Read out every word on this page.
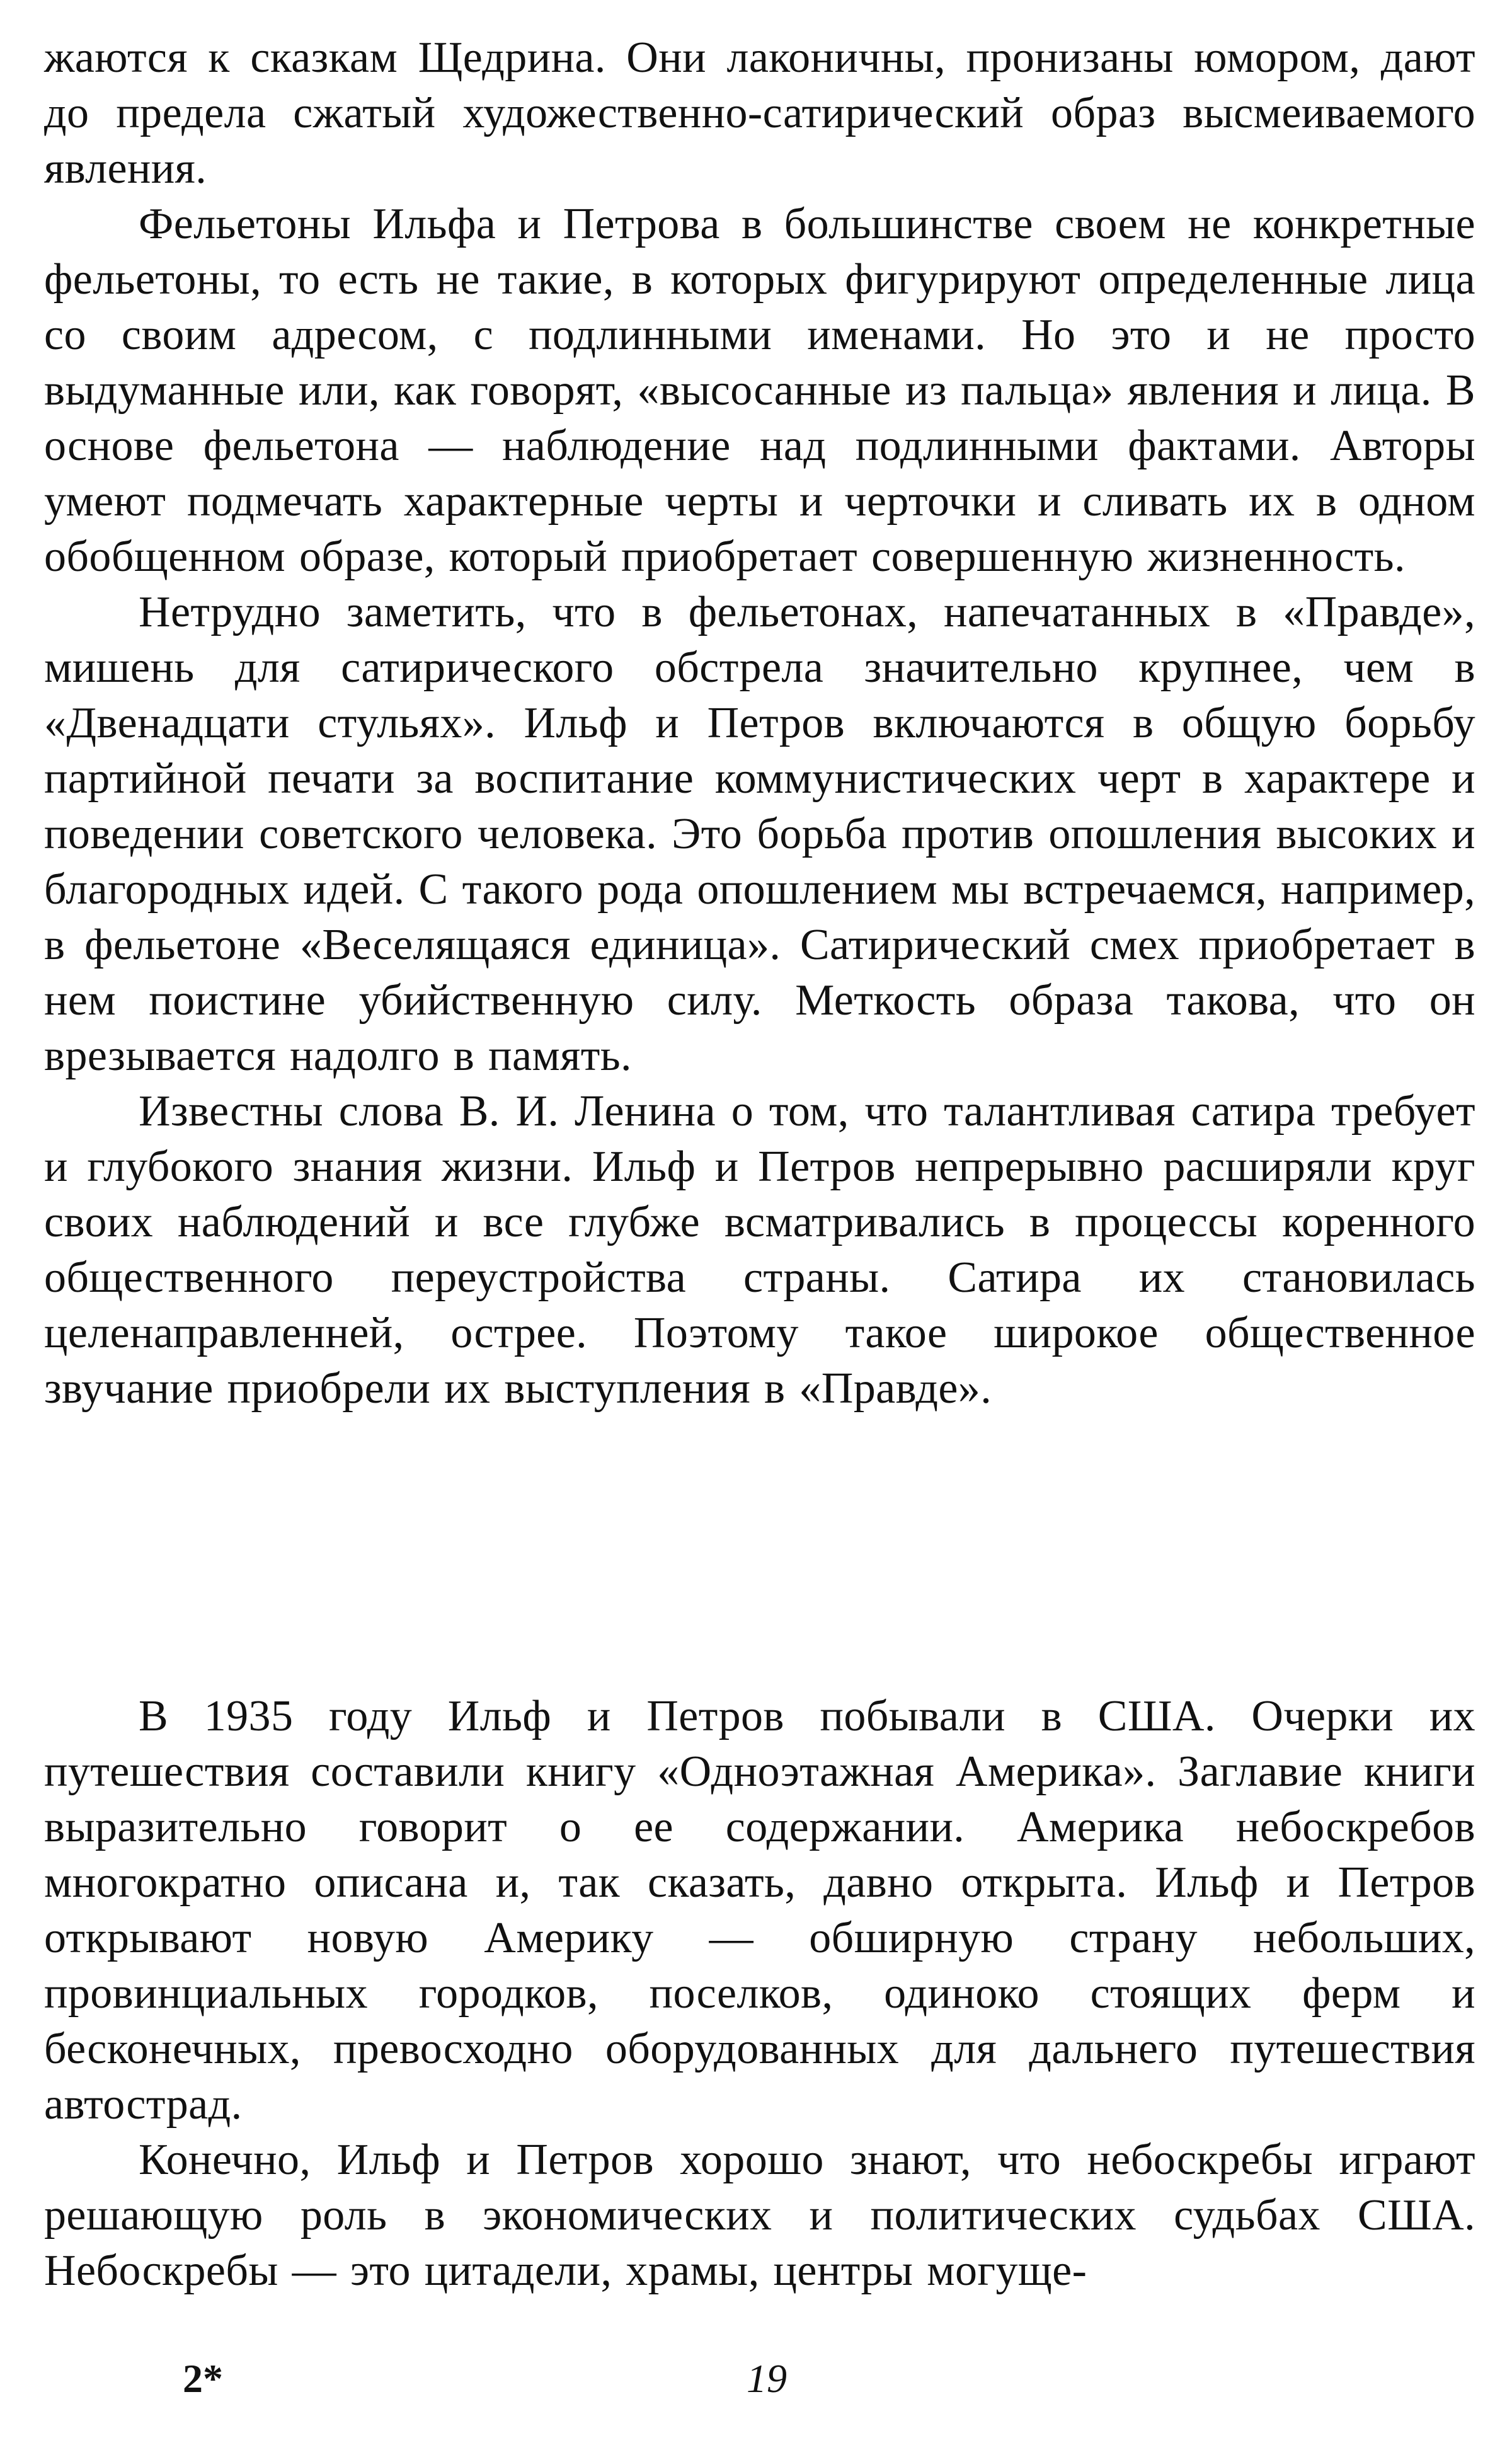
жаются к сказкам Щедрина. Они лаконичны, пронизаны юмором, дают до предела сжатый художественно-сатирический образ высмеиваемого явления.

Фельетоны Ильфа и Петрова в большинстве своем не конкретные фельетоны, то есть не такие, в которых фигурируют определенные лица со своим адресом, с подлинными именами. Но это и не просто выдуманные или, как говорят, «высосанные из пальца» явления и лица. В основе фельетона — наблюдение над подлинными фактами. Авторы умеют подмечать характерные черты и черточки и сливать их в одном обобщенном образе, который приобретает совершенную жизненность.

Нетрудно заметить, что в фельетонах, напечатанных в «Правде», мишень для сатирического обстрела значительно крупнее, чем в «Двенадцати стульях». Ильф и Петров включаются в общую борьбу партийной печати за воспитание коммунистических черт в характере и поведении советского человека. Это борьба против опошления высоких и благородных идей. С такого рода опошлением мы встречаемся, например, в фельетоне «Веселящаяся единица». Сатирический смех приобретает в нем поистине убийственную силу. Меткость образа такова, что он врезывается надолго в память.

Известны слова В. И. Ленина о том, что талантливая сатира требует и глубокого знания жизни. Ильф и Петров непрерывно расширяли круг своих наблюдений и все глубже всматривались в процессы коренного общественного переустройства страны. Сатира их становилась целенаправленней, острее. Поэтому такое широкое общественное звучание приобрели их выступления в «Правде».

В 1935 году Ильф и Петров побывали в США. Очерки их путешествия составили книгу «Одноэтажная Америка». Заглавие книги выразительно говорит о ее содержании. Америка небоскребов многократно описана и, так сказать, давно открыта. Ильф и Петров открывают новую Америку — обширную страну небольших, провинциальных городков, поселков, одиноко стоящих ферм и бесконечных, превосходно оборудованных для дальнего путешествия автострад.

Конечно, Ильф и Петров хорошо знают, что небоскребы играют решающую роль в экономических и политических судьбах США. Небоскребы — это цитадели, храмы, центры могуще-

2*	19
